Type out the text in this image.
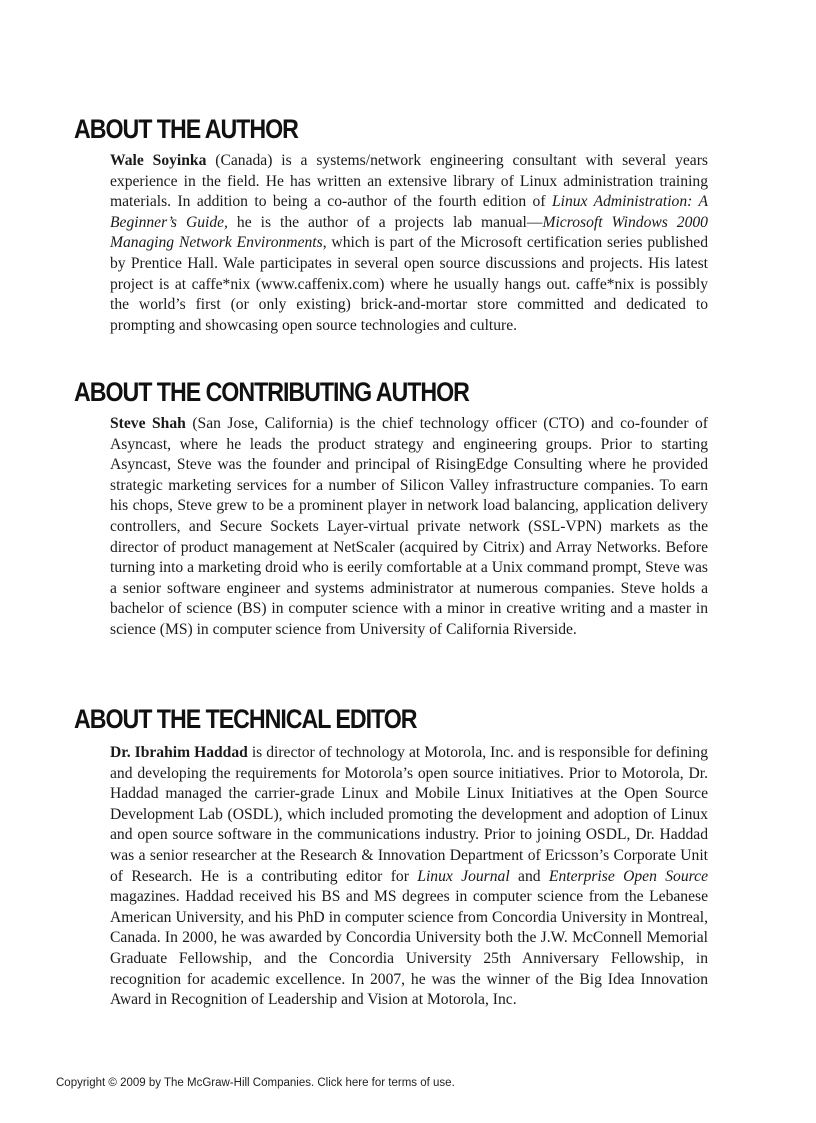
ABOUT THE AUTHOR

Wale Soyinka (Canada) is a systems/network engineering consultant with several years experience in the field. He has written an extensive library of Linux administration training materials. In addition to being a co-author of the fourth edition of Linux Administration: A Beginner’s Guide, he is the author of a projects lab manual—Microsoft Windows 2000 Managing Network Environments, which is part of the Microsoft certification series published by Prentice Hall. Wale participates in several open source discussions and projects. His latest project is at caffe*nix (www.caffenix.com) where he usually hangs out. caffe*nix is possibly the world’s first (or only existing) brick-and-mortar store committed and dedicated to prompting and showcasing open source technologies and culture.

ABOUT THE CONTRIBUTING AUTHOR

Steve Shah (San Jose, California) is the chief technology officer (CTO) and co-founder of Asyncast, where he leads the product strategy and engineering groups. Prior to starting Asyncast, Steve was the founder and principal of RisingEdge Consulting where he provided strategic marketing services for a number of Silicon Valley infrastructure companies. To earn his chops, Steve grew to be a prominent player in network load balancing, application delivery controllers, and Secure Sockets Layer-virtual private network (SSL-VPN) markets as the director of product management at NetScaler (acquired by Citrix) and Array Networks. Before turning into a marketing droid who is eerily comfortable at a Unix command prompt, Steve was a senior software engineer and systems administrator at numerous companies. Steve holds a bachelor of science (BS) in computer science with a minor in creative writing and a master in science (MS) in computer science from University of California Riverside.

ABOUT THE TECHNICAL EDITOR

Dr. Ibrahim Haddad is director of technology at Motorola, Inc. and is responsible for defining and developing the requirements for Motorola’s open source initiatives. Prior to Motorola, Dr. Haddad managed the carrier-grade Linux and Mobile Linux Initiatives at the Open Source Development Lab (OSDL), which included promoting the development and adoption of Linux and open source software in the communications industry. Prior to joining OSDL, Dr. Haddad was a senior researcher at the Research & Innovation Department of Ericsson’s Corporate Unit of Research. He is a contributing editor for Linux Journal and Enterprise Open Source magazines. Haddad received his BS and MS degrees in computer science from the Lebanese American University, and his PhD in computer science from Concordia University in Montreal, Canada. In 2000, he was awarded by Concordia University both the J.W. McConnell Memorial Graduate Fellowship, and the Concordia University 25th Anniversary Fellowship, in recognition for academic excellence. In 2007, he was the winner of the Big Idea Innovation Award in Recognition of Leadership and Vision at Motorola, Inc.

Copyright © 2009 by The McGraw-Hill Companies. Click here for terms of use.
